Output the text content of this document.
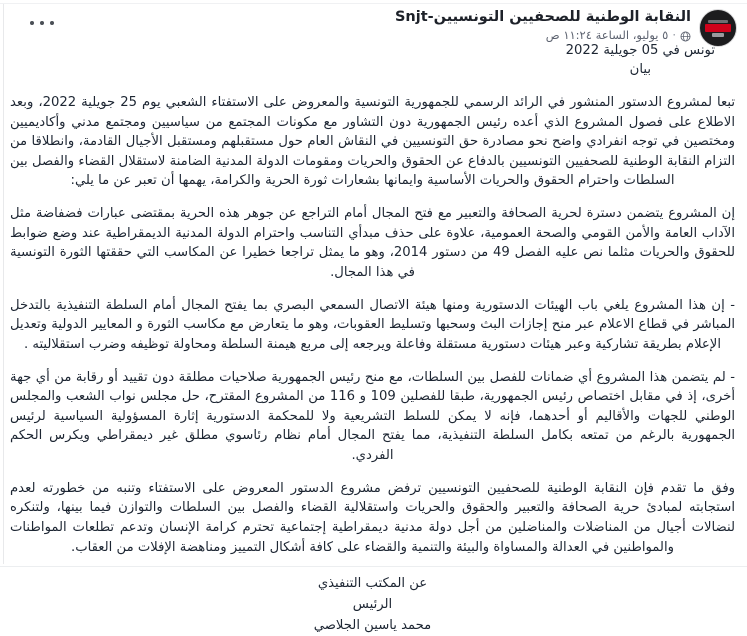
النقابة الوطنية للصحفيين التونسيين-Snjt
·
٥ يوليو، الساعة ١١:٢٤ ص
تونس في 05 جويلية 2022
بيان

تبعا لمشروع الدستور المنشور في الرائد الرسمي للجمهورية التونسية والمعروض على الاستفتاء الشعبي يوم 25 جويلية 2022، وبعد الاطلاع على فصول المشروع الذي أعده رئيس الجمهورية دون التشاور مع مكونات المجتمع من سياسيين ومجتمع مدني وأكاديميين ومختصين في توجه انفرادي واضح نحو مصادرة حق التونسيين في النقاش العام حول مستقبلهم ومستقبل الأجيال القادمة، وانطلاقا من التزام النقابة الوطنية للصحفيين التونسيين بالدفاع عن الحقوق والحريات ومقومات الدولة المدنية الضامنة لاستقلال القضاء والفصل بين السلطات واحترام الحقوق والحريات الأساسية وايمانها بشعارات ثورة الحرية والكرامة، يهمها أن تعبر عن ما يلي:

إن المشروع يتضمن دسترة لحرية الصحافة والتعبير مع فتح المجال أمام التراجع عن جوهر هذه الحرية بمقتضى عبارات فضفاضة مثل الآداب العامة والأمن القومي والصحة العمومية، علاوة على حذف مبدأي التناسب واحترام الدولة المدنية الديمقراطية عند وضع ضوابط للحقوق والحريات مثلما نص عليه الفصل 49 من دستور 2014، وهو ما يمثل تراجعا خطيرا عن المكاسب التي حققتها الثورة التونسية في هذا المجال.

- إن هذا المشروع يلغي باب الهيئات الدستورية ومنها هيئة الاتصال السمعي البصري بما يفتح المجال أمام السلطة التنفيذية بالتدخل المباشر في قطاع الاعلام عبر منح إجازات البث وسحبها وتسليط العقوبات، وهو ما يتعارض مع مكاسب الثورة و المعايير الدولية وتعديل الإعلام بطريقة تشاركية وعبر هيئات دستورية مستقلة وفاعلة ويرجعه إلى مربع هيمنة السلطة ومحاولة توظيفه وضرب استقلاليته .

- لم يتضمن هذا المشروع أي ضمانات للفصل بين السلطات، مع منح رئيس الجمهورية صلاحيات مطلقة دون تقييد أو رقابة من أي جهة أخرى، إذ في مقابل اختصاص رئيس الجمهورية، طبقا للفصلين 109 و 116 من المشروع المقترح، حل مجلس نواب الشعب والمجلس الوطني للجهات والأقاليم أو أحدهما، فإنه لا يمكن للسلط التشريعية ولا للمحكمة الدستورية إثارة المسؤولية السياسية لرئيس الجمهورية بالرغم من تمتعه بكامل السلطة التنفيذية، مما يفتح المجال أمام نظام رئاسوي مطلق غير ديمقراطي ويكرس الحكم الفردي.

وفق ما تقدم فإن النقابة الوطنية للصحفيين التونسيين ترفض مشروع الدستور المعروض على الاستفتاء وتنبه من خطورته لعدم استجابته لمبادئ حرية الصحافة والتعبير والحقوق والحريات واستقلالية القضاء والفصل بين السلطات والتوازن فيما بينها، ولتنكره لنضالات أجيال من المناضلات والمناضلين من أجل دولة مدنية ديمقراطية إجتماعية تحترم كرامة الإنسان وتدعم تطلعات المواطنات والمواطنين في العدالة والمساواة والبيئة والتنمية والقضاء على كافة أشكال التمييز ومناهضة الإفلات من العقاب.

عن المكتب التنفيذي
الرئيس
محمد ياسين الجلاصي
